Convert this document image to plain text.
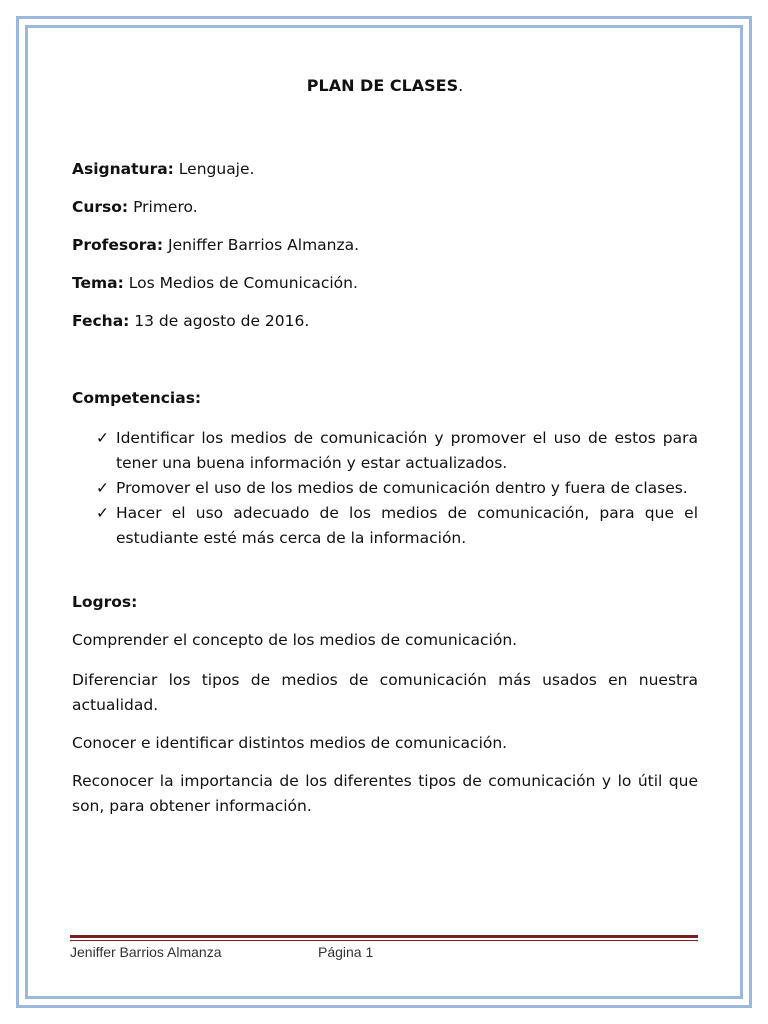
PLAN DE CLASES.
Asignatura: Lenguaje.
Curso: Primero.
Profesora: Jeniffer Barrios Almanza.
Tema: Los Medios de Comunicación.
Fecha: 13 de agosto de 2016.
Competencias:
✓ Identificar los medios de comunicación y promover el uso de estos para tener una buena información y estar actualizados.
✓ Promover el uso de los medios de comunicación dentro y fuera de clases.
✓ Hacer el uso adecuado de los medios de comunicación, para que el estudiante esté más cerca de la información.
Logros:
Comprender el concepto de los medios de comunicación.
Diferenciar los tipos de medios de comunicación más usados en nuestra actualidad.
Conocer e identificar distintos medios de comunicación.
Reconocer la importancia de los diferentes tipos de comunicación y lo útil que son, para obtener información.
Jeniffer Barrios Almanza	Página 1
